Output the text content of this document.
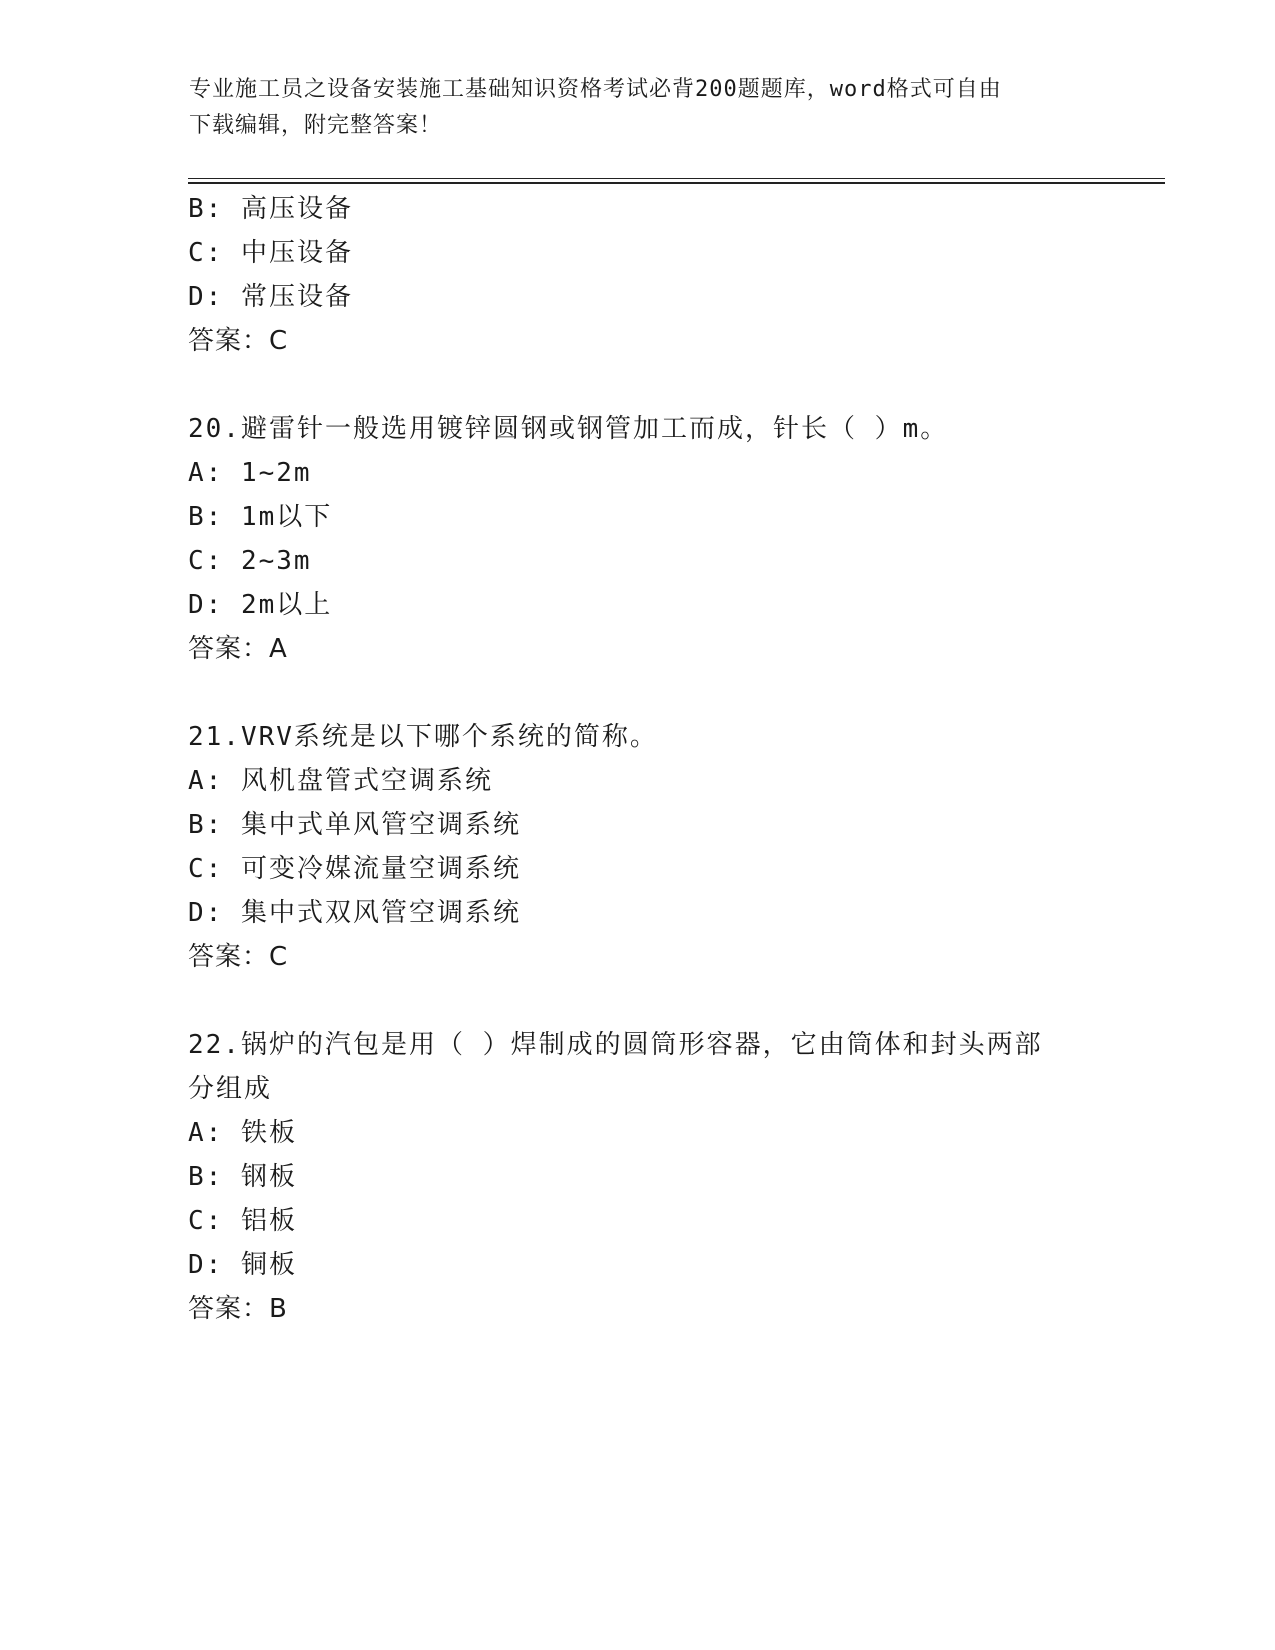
专业施工员之设备安装施工基础知识资格考试必背200题题库，word格式可自由
下载编辑，附完整答案！
B: 高压设备
C: 中压设备
D: 常压设备
答案：C
20.避雷针一般选用镀锌圆钢或钢管加工而成，针长（ ）m。
A: 1~2m
B: 1m以下
C: 2~3m
D: 2m以上
答案：A
21.VRV系统是以下哪个系统的简称。
A: 风机盘管式空调系统
B: 集中式单风管空调系统
C: 可变冷媒流量空调系统
D: 集中式双风管空调系统
答案：C
22.锅炉的汽包是用（ ）焊制成的圆筒形容器，它由筒体和封头两部
分组成
A: 铁板
B: 钢板
C: 铝板
D: 铜板
答案：B
